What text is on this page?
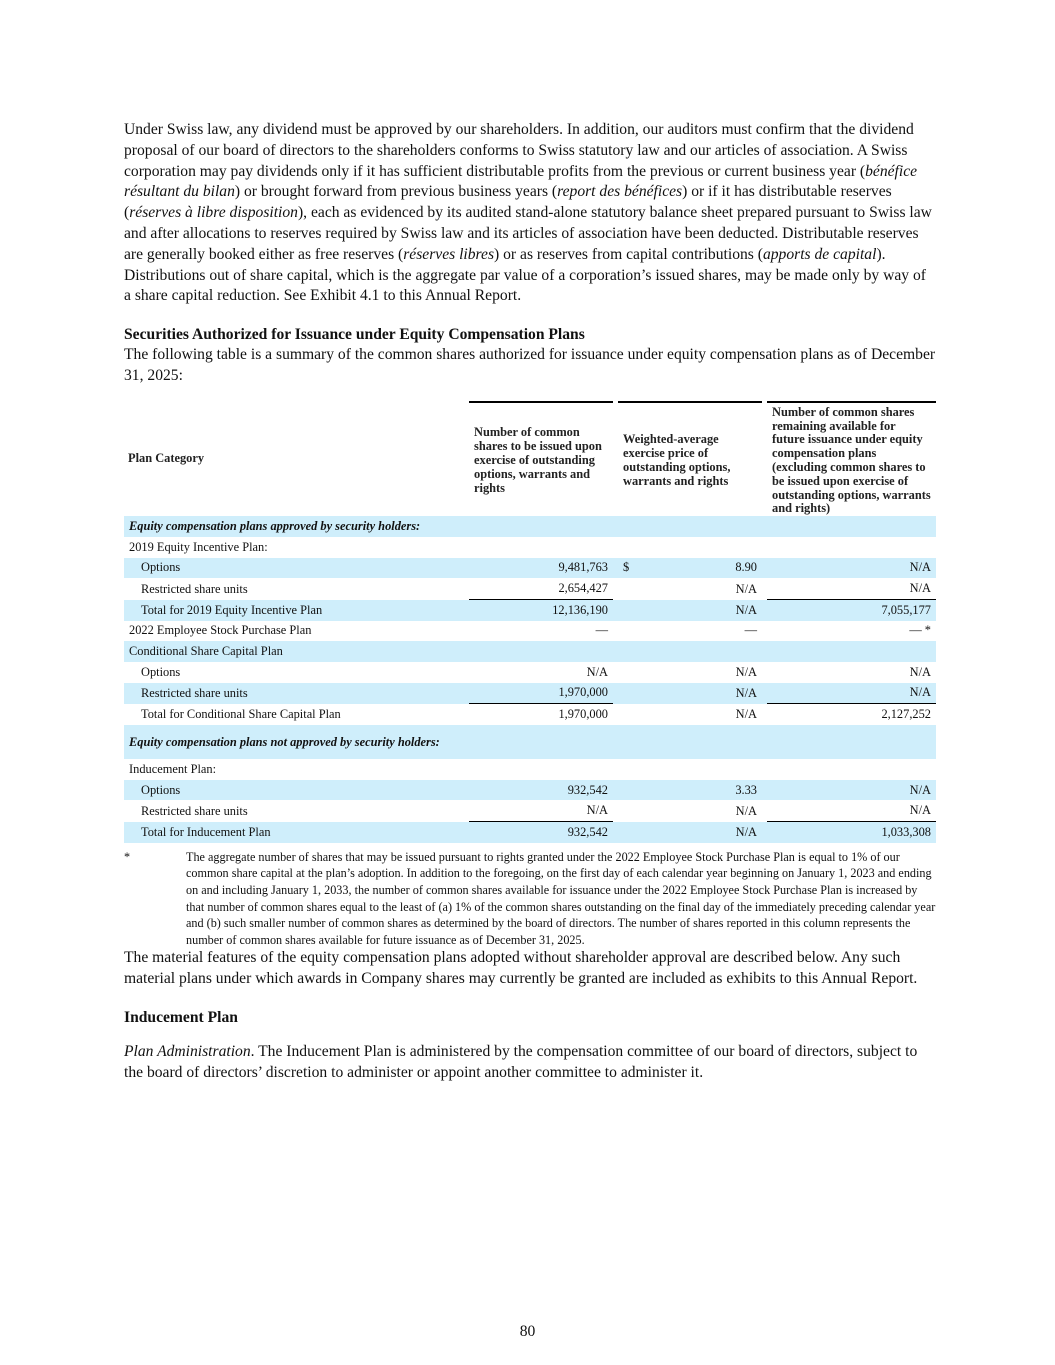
Under Swiss law, any dividend must be approved by our shareholders. In addition, our auditors must confirm that the dividend proposal of our board of directors to the shareholders conforms to Swiss statutory law and our articles of association. A Swiss corporation may pay dividends only if it has sufficient distributable profits from the previous or current business year (bénéfice résultant du bilan) or brought forward from previous business years (report des bénéfices) or if it has distributable reserves (réserves à libre disposition), each as evidenced by its audited stand-alone statutory balance sheet prepared pursuant to Swiss law and after allocations to reserves required by Swiss law and its articles of association have been deducted. Distributable reserves are generally booked either as free reserves (réserves libres) or as reserves from capital contributions (apports de capital). Distributions out of share capital, which is the aggregate par value of a corporation’s issued shares, may be made only by way of a share capital reduction. See Exhibit 4.1 to this Annual Report.

Securities Authorized for Issuance under Equity Compensation Plans

The following table is a summary of the common shares authorized for issuance under equity compensation plans as of December 31, 2025:

Plan Category	Number of common shares to be issued upon exercise of outstanding options, warrants and rights		Weighted-average exercise price of outstanding options, warrants and rights		Number of common shares remaining available for future issuance under equity compensation plans (excluding common shares to be issued upon exercise of outstanding options, warrants and rights)
Equity compensation plans approved by security holders:					
2019 Equity Incentive Plan:					
Options	9,481,763		$ 8.90		N/A
Restricted share units	2,654,427		N/A		N/A
Total for 2019 Equity Incentive Plan	12,136,190		N/A		7,055,177
2022 Employee Stock Purchase Plan	—		—		— *
Conditional Share Capital Plan					
Options	N/A		N/A		N/A
Restricted share units	1,970,000		N/A		N/A
Total for Conditional Share Capital Plan	1,970,000		N/A		2,127,252
Equity compensation plans not approved by security holders:					
Inducement Plan:					
Options	932,542		3.33		N/A
Restricted share units	N/A		N/A		N/A
Total for Inducement Plan	932,542		N/A		1,033,308
*	The aggregate number of shares that may be issued pursuant to rights granted under the 2022 Employee Stock Purchase Plan is equal to 1% of our common share capital at the plan’s adoption. In addition to the foregoing, on the first day of each calendar year beginning on January 1, 2023 and ending on and including January 1, 2033, the number of common shares available for issuance under the 2022 Employee Stock Purchase Plan is increased by that number of common shares equal to the least of (a) 1% of the common shares outstanding on the final day of the immediately preceding calendar year and (b) such smaller number of common shares as determined by the board of directors. The number of shares reported in this column represents the number of common shares available for future issuance as of December 31, 2025.

The material features of the equity compensation plans adopted without shareholder approval are described below. Any such material plans under which awards in Company shares may currently be granted are included as exhibits to this Annual Report.

Inducement Plan

Plan Administration. The Inducement Plan is administered by the compensation committee of our board of directors, subject to the board of directors’ discretion to administer or appoint another committee to administer it.

80
